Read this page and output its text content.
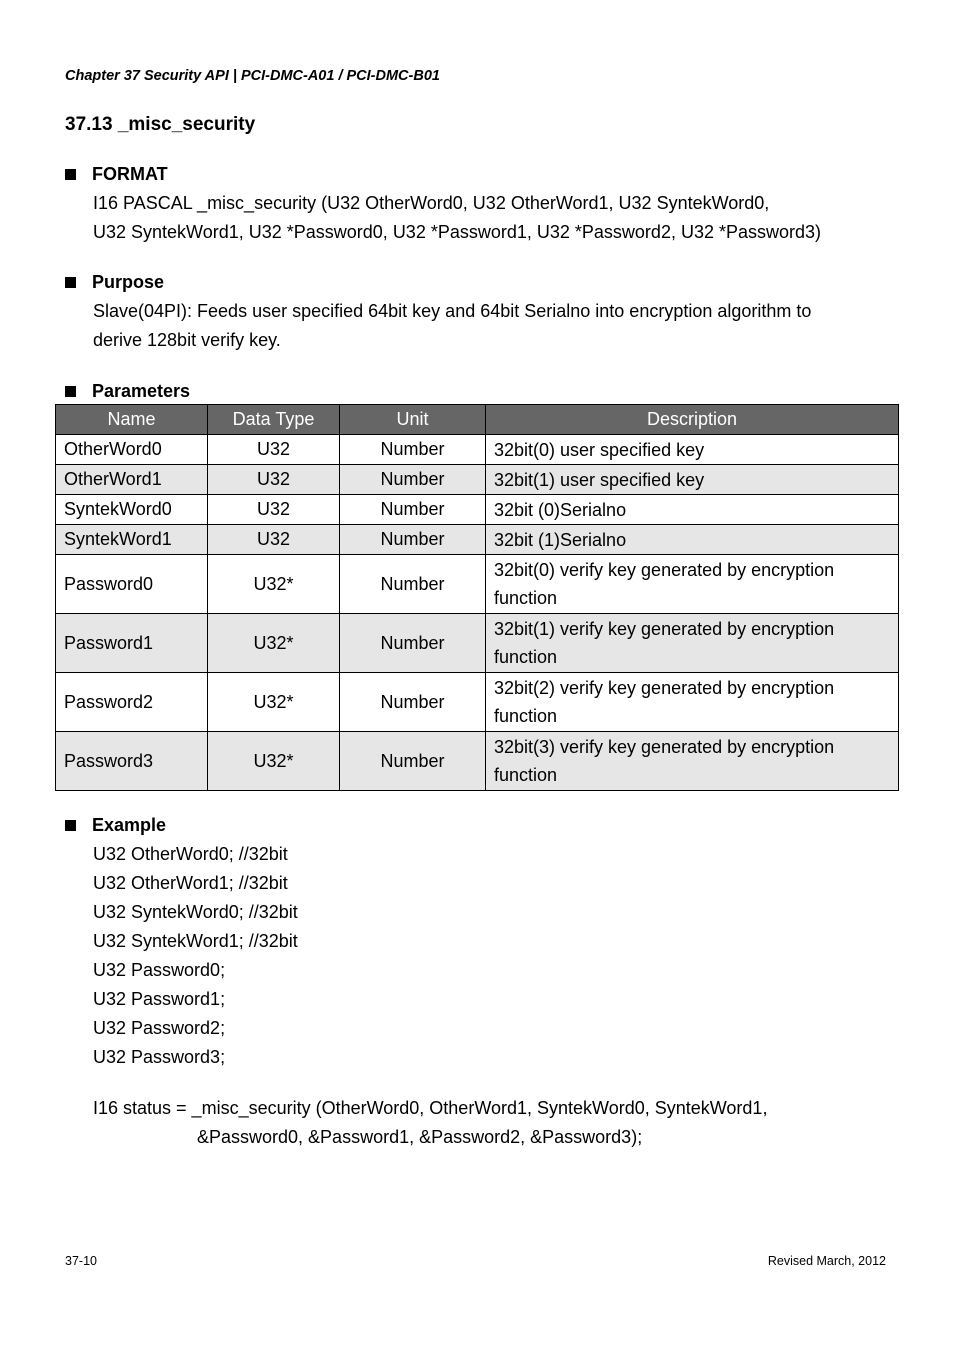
Chapter 37 Security API | PCI-DMC-A01 / PCI-DMC-B01
37.13 _misc_security
FORMAT
I16 PASCAL _misc_security (U32 OtherWord0, U32 OtherWord1, U32 SyntekWord0,
U32 SyntekWord1, U32 *Password0, U32 *Password1, U32 *Password2, U32 *Password3)
Purpose
Slave(04PI): Feeds user specified 64bit key and 64bit Serialno into encryption algorithm to
derive 128bit verify key.
Parameters
Name	Data Type	Unit	Description
OtherWord0	U32	Number	32bit(0) user specified key
OtherWord1	U32	Number	32bit(1) user specified key
SyntekWord0	U32	Number	32bit (0)Serialno
SyntekWord1	U32	Number	32bit (1)Serialno
Password0	U32*	Number	32bit(0) verify key generated by encryption
function

Password1	U32*	Number	32bit(1) verify key generated by encryption
function

Password2	U32*	Number	32bit(2) verify key generated by encryption
function

Password3	U32*	Number	32bit(3) verify key generated by encryption
function
Example
U32 OtherWord0; //32bit
U32 OtherWord1; //32bit
U32 SyntekWord0; //32bit
U32 SyntekWord1; //32bit
U32 Password0;
U32 Password1;
U32 Password2;
U32 Password3;
I16 status = _misc_security (OtherWord0, OtherWord1, SyntekWord0, SyntekWord1,
&Password0, &Password1, &Password2, &Password3);
37-10	Revised March, 2012
